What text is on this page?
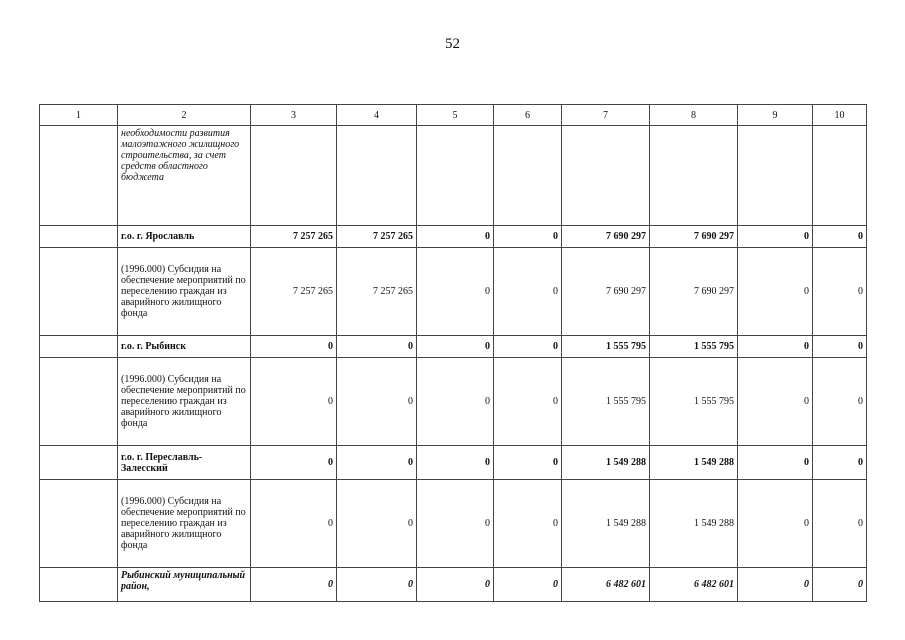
52
1	2	3	4	5	6	7	8	9	10
	необходимости развития малоэтажного жилищного строительства, за счет средств областного бюджета								
	г.о. г. Ярославль	7 257 265	7 257 265	0	0	7 690 297	7 690 297	0	0
	(1996.000) Субсидия на обеспечение мероприятий по переселению граждан из аварийного жилищного фонда	7 257 265	7 257 265	0	0	7 690 297	7 690 297	0	0
	г.о. г. Рыбинск	0	0	0	0	1 555 795	1 555 795	0	0
	(1996.000) Субсидия на обеспечение мероприятий по переселению граждан из аварийного жилищного фонда	0	0	0	0	1 555 795	1 555 795	0	0
	г.о. г. Переславль-Залесский	0	0	0	0	1 549 288	1 549 288	0	0
	(1996.000) Субсидия на обеспечение мероприятий по переселению граждан из аварийного жилищного фонда	0	0	0	0	1 549 288	1 549 288	0	0
	Рыбинский муниципальный район,	0	0	0	0	6 482 601	6 482 601	0	0
